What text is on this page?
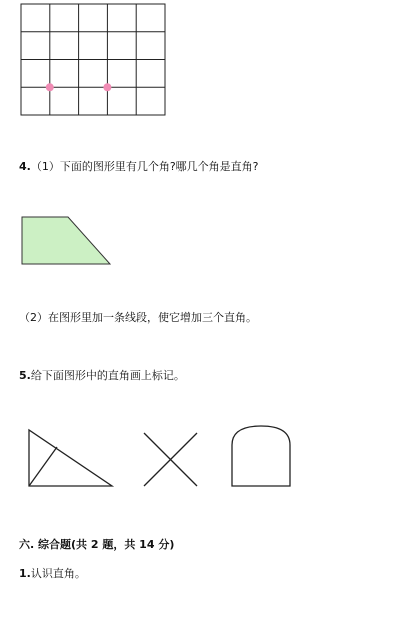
4.（1）下面的图形里有几个角?哪几个角是直角?
（2）在图形里加一条线段，使它增加三个直角。
5.给下面图形中的直角画上标记。
六. 综合题(共 2 题，共 14 分)
1.认识直角。
